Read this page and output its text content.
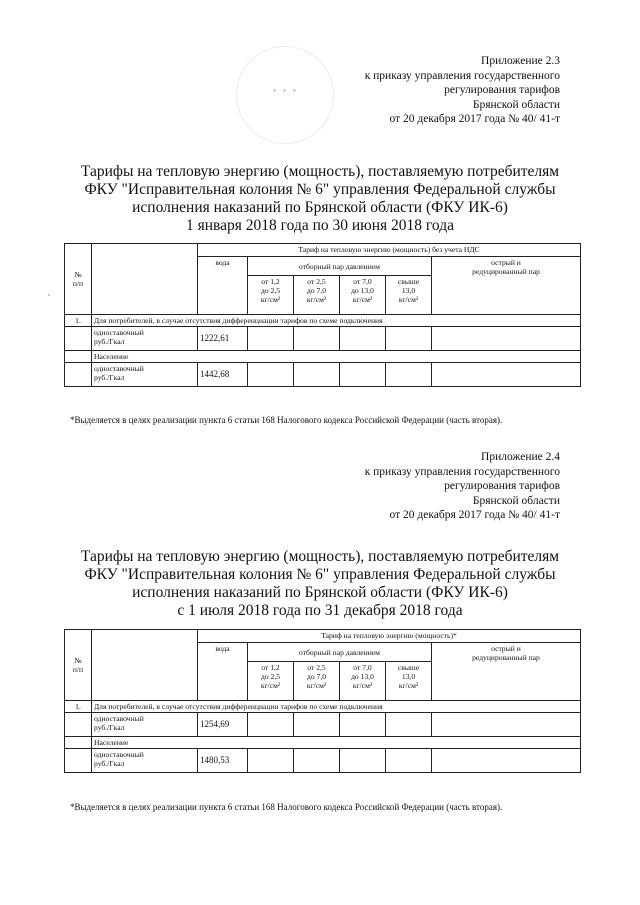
✦ ✦ ✦
Приложение 2.3
к приказу управления государственного
регулирования тарифов
Брянской области
от 20 декабря 2017 года № 40/ 41-т
Тарифы на тепловую энергию (мощность), поставляемую потребителям
ФКУ "Исправительная колония № 6" управления Федеральной службы
исполнения наказаний по Брянской области (ФКУ ИК-6)
1 января 2018 года по 30 июня 2018 года
№
п/п		Тариф на тепловую энергию (мощность) без учета НДС					
		вода	отборный пар давлением				острый и
редуцированный пар
			от 1,2
до 2,5
кг/см²	от 2,5
до 7,0
кг/см²	от 7,0
до 13,0
кг/см²	свыше
13,0
кг/см²	
1.	Для потребителей, в случае отсутствия дифференциации тарифов по схеме подключения						
	одноставочный
руб./Гкал	1222,61					
	Население						
	одноставочный
руб./Гкал	1442,68					
*Выделяется в целях реализации пункта 6 статьи 168 Налогового кодекса Российской Федерации (часть вторая).
Приложение 2.4
к приказу управления государственного
регулирования тарифов
Брянской области
от 20 декабря 2017 года № 40/ 41-т
Тарифы на тепловую энергию (мощность), поставляемую потребителям
ФКУ "Исправительная колония № 6" управления Федеральной службы
исполнения наказаний по Брянской области (ФКУ ИК-6)
с 1 июля 2018 года по 31 декабря 2018 года
№
п/п		Тариф на тепловую энергию (мощность)*					
		вода	отборный пар давлением				острый и
редуцированный пар
			от 1,2
до 2,5
кг/см²	от 2,5
до 7,0
кг/см²	от 7,0
до 13,0
кг/см²	свыше
13,0
кг/см²	
1.	Для потребителей, в случае отсутствия дифференциации тарифов по схеме подключения						
	одноставочный
руб./Гкал	1254,69					
	Население						
	одноставочный
руб./Гкал	1480,53					
*Выделяется в целях реализации пункта 6 статьи 168 Налогового кодекса Российской Федерации (часть вторая).
